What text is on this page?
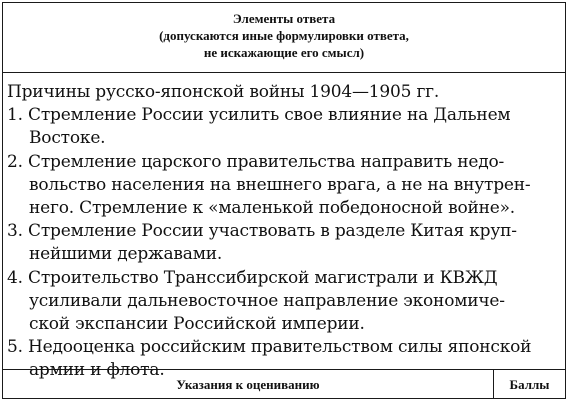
Элементы ответа
(допускаются иные формулировки ответа,
не искажающие его смысл)
Причины русско-японской войны 1904—1905 гг.
1. Стремление России усилить свое влияние на Дальнем
Востоке.
2. Стремление царского правительства направить недо-
вольство населения на внешнего врага, а не на внутрен-
него. Стремление к «маленькой победоносной войне».
3. Стремление России участвовать в разделе Китая круп-
нейшими державами.
4. Строительство Транссибирской магистрали и КВЖД
усиливали дальневосточное направление экономиче-
ской экспансии Российской империи.
5. Недооценка российским правительством силы японской
армии и флота.
Указания к оцениванию	Баллы
